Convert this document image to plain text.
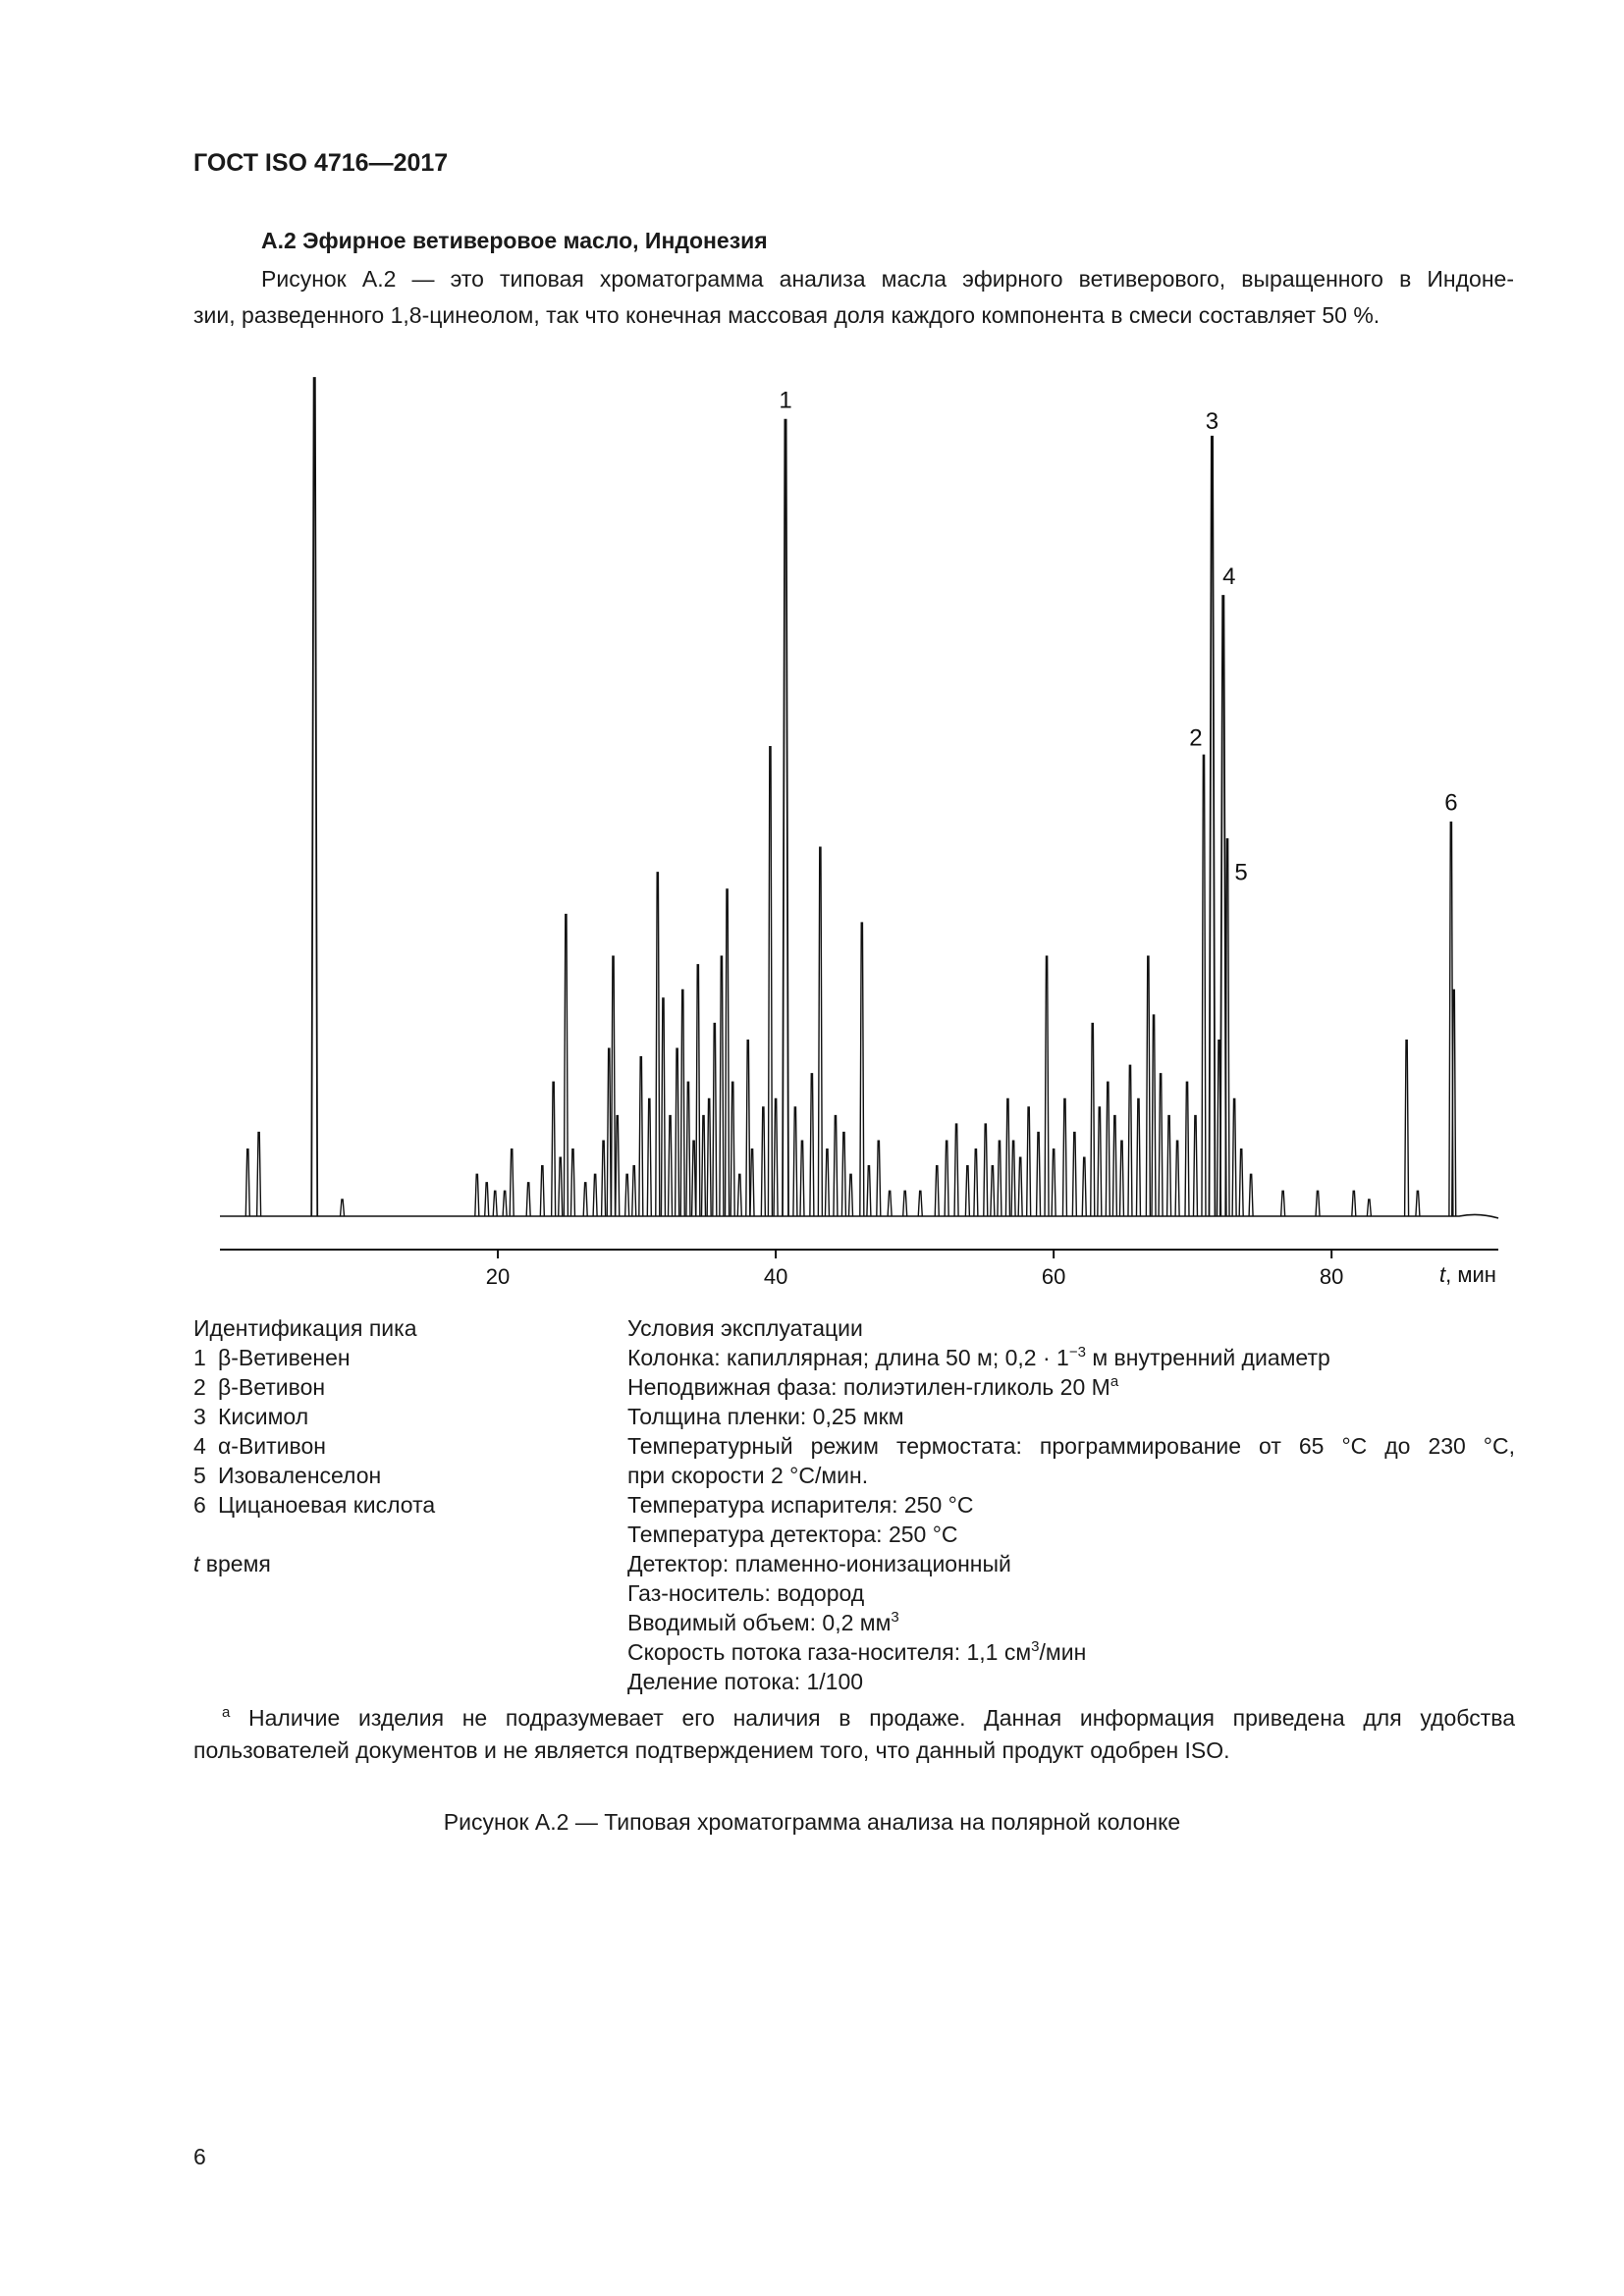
ГОСТ ISO 4716—2017
А.2 Эфирное ветиверовое масло, Индонезия
Рисунок А.2 — это типовая хроматограмма анализа масла эфирного ветиверового, выращенного в Индоне-
зии, разведенного 1,8-цинеолом, так что конечная массовая доля каждого компонента в смеси составляет 50 %.
20	40	60	80
1
2
3
4
5
6
t, мин
Идентификация пика
1 β-Ветивенен
2 β-Ветивон
3 Кисимол
4 α-Витивон
5 Изовaленселон
6 Цицаноевая кислота
t время
Условия эксплуатации
Колонка: капиллярная; длина 50 м; $0,2 \cdot 1^{-3}$ м внутренний диаметр
Неподвижная фаза: полиэтилен-гликоль 20 $М^а$
Толщина пленки: 0,25 мкм
Температурный режим термостата: программирование от 65 °С до 230 °С,
при скорости 2 °С/мин.
Температура испарителя: 250 °С
Температура детектора: 250 °С
Детектор: пламенно-ионизационный
Газ-носитель: водород
Вводимый объем: 0,2 $мм^3$
Скорость потока газа-носителя: 1,1 $см^3$/мин
Деление потока: 1/100
$^а$ Наличие изделия не подразумевает его наличия в продаже. Данная информация приведена для удобства
пользователей документов и не является подтверждением того, что данный продукт одобрен ISO.
Рисунок А.2 — Типовая хроматограмма анализа на полярной колонке
6
